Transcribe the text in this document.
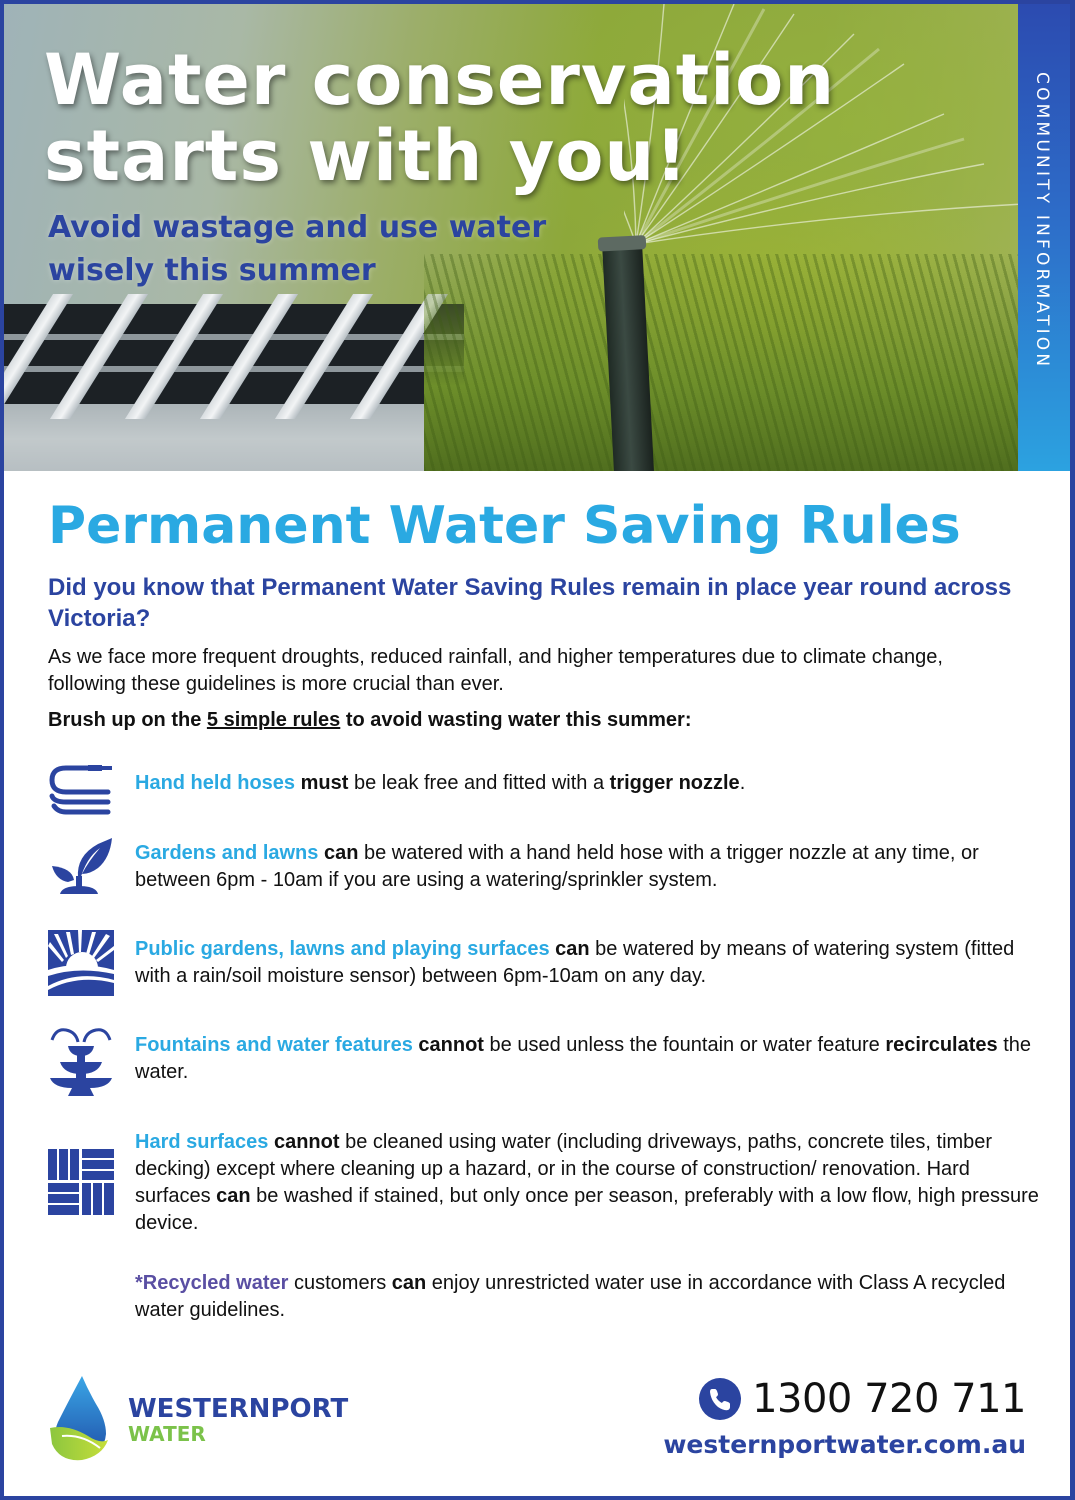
Water conservation
starts with you!
Avoid wastage and use water
wisely this summer	COMMUNITY INFORMATION
Permanent Water Saving Rules
Did you know that Permanent Water Saving Rules remain in place year round across Victoria?
As we face more frequent droughts, reduced rainfall, and higher temperatures due to climate change, following these guidelines is more crucial than ever.
Brush up on the 5 simple rules to avoid wasting water this summer:
Hand held hoses must be leak free and fitted with a trigger nozzle.
Gardens and lawns can be watered with a hand held hose with a trigger nozzle at any time, or between 6pm - 10am if you are using a watering/sprinkler system.
Public gardens, lawns and playing surfaces can be watered by means of watering system (fitted with a rain/soil moisture sensor) between 6pm-10am on any day.
Fountains and water features cannot be used unless the fountain or water feature recirculates the water.
Hard surfaces cannot be cleaned using water (including driveways, paths, concrete tiles, timber decking) except where cleaning up a hazard, or in the course of construction/ renovation. Hard surfaces can be washed if stained, but only once per season, preferably with a low flow, high pressure device.
*Recycled water customers can enjoy unrestricted water use in accordance with Class A recycled water guidelines.
WESTERNPORT
WATER
1300 720 711
westernportwater.com.au
